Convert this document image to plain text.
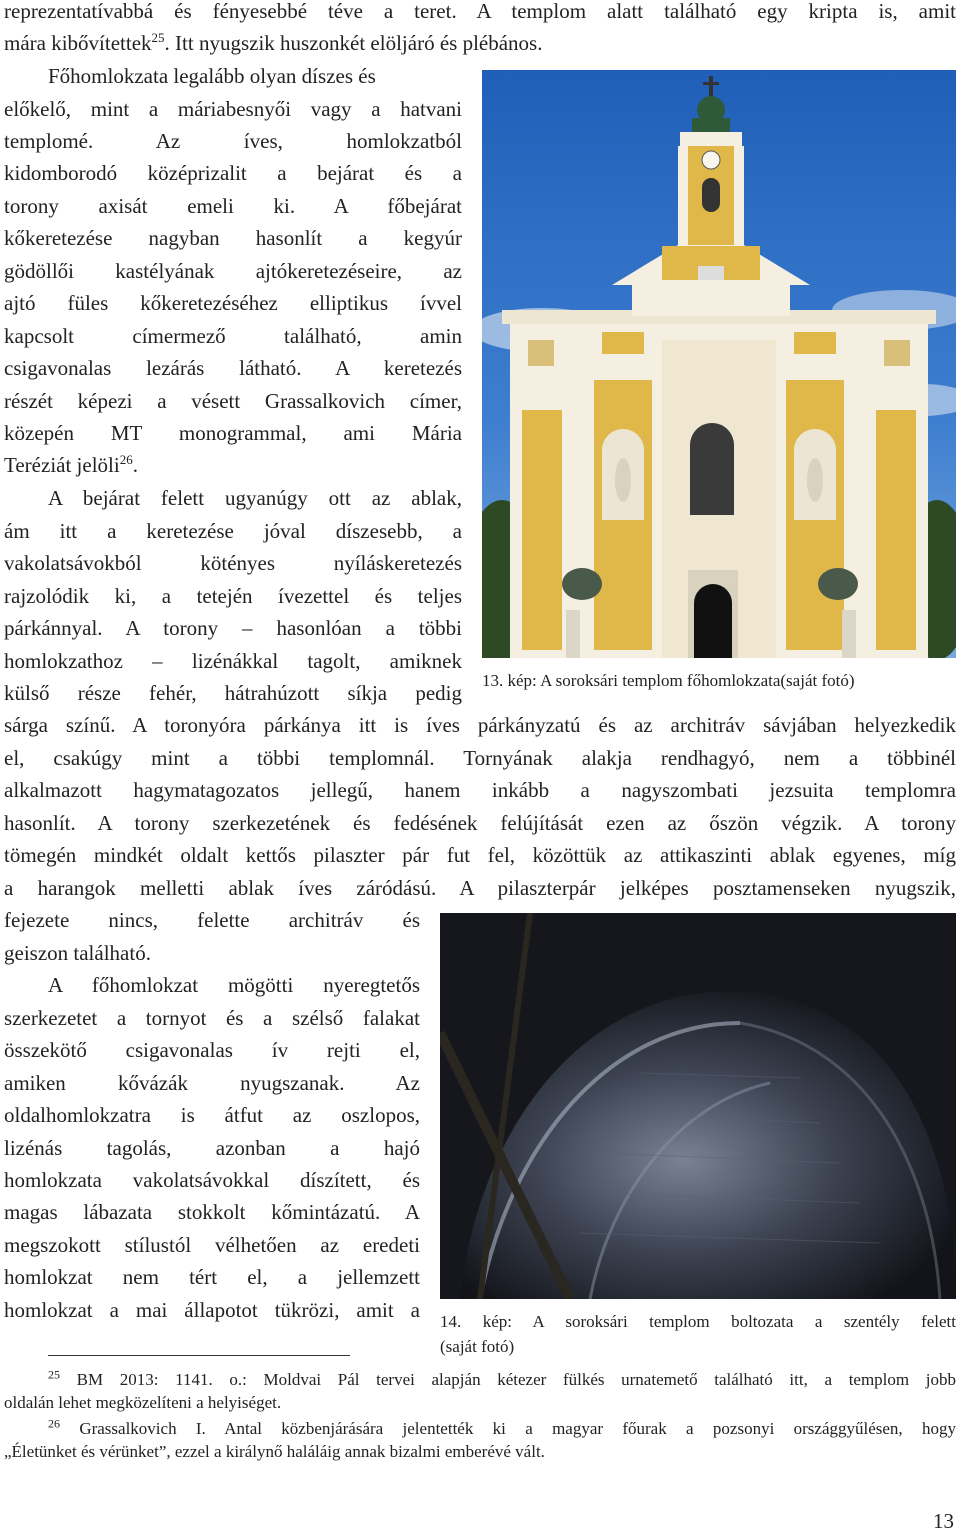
reprezentatívabbá és fényesebbé téve a teret. A templom alatt található egy kripta is, amit
mára kibővítettek$^{25}$. Itt nyugszik huszonkét elöljáró és plébános.
Főhomlokzata legalább olyan díszes és
előkelő, mint a máriabesnyői vagy a hatvani
templomé. Az íves, homlokzatból
kidomborodó középrizalit a bejárat és a
torony axisát emeli ki. A főbejárat
kőkeretezése nagyban hasonlít a kegyúr
gödöllői kastélyának ajtókeretezéseire, az
ajtó füles kőkeretezéséhez elliptikus ívvel
kapcsolt címermező található, amin
csigavonalas lezárás látható. A keretezés
részét képezi a vésett Grassalkovich címer,
közepén MT monogrammal, ami Mária
Teréziát jelöli$^{26}$.
A bejárat felett ugyanúgy ott az ablak,
ám itt a keretezése jóval díszesebb, a
vakolatsávokból kötényes nyíláskeretezés
rajzolódik ki, a tetején ívezettel és teljes
párkánnyal. A torony – hasonlóan a többi
homlokzathoz – lizénákkal tagolt, amiknek
külső része fehér, hátrahúzott síkja pedig
sárga színű. A toronyóra párkánya itt is íves párkányzatú és az architráv sávjában helyezkedik
el, csakúgy mint a többi templomnál. Tornyának alakja rendhagyó, nem a többinél
alkalmazott hagymatagozatos jellegű, hanem inkább a nagyszombati jezsuita templomra
hasonlít. A torony szerkezetének és fedésének felújítását ezen az őszön végzik. A torony
tömegén mindkét oldalt kettős pilaszter pár fut fel, közöttük az attikaszinti ablak egyenes, míg
a harangok melletti ablak íves záródású. A pilaszterpár jelképes posztamenseken nyugszik,
fejezete nincs, felette architráv és
geiszon található.
A főhomlokzat mögötti nyeregtetős
szerkezetet a tornyot és a szélső falakat
összekötő csigavonalas ív rejti el,
amiken kővázák nyugszanak. Az
oldalhomlokzatra is átfut az oszlopos,
lizénás tagolás, azonban a hajó
homlokzata vakolatsávokkal díszített, és
magas lábazata stokkolt kőmintázatú. A
megszokott stílustól vélhetően az eredeti
homlokzat nem tért el, a jellemzett
homlokzat a mai állapotot tükrözi, amit a
13. kép: A soroksári templom főhomlokzata(saját fotó)
14. kép: A soroksári templom boltozata a szentély felett
(saját fotó)
$^{25}$ BM 2013: 1141. o.: Moldvai Pál tervei alapján kétezer fülkés urnatemető található itt, a templom jobb
oldalán lehet megközelíteni a helyiséget.
$^{26}$ Grassalkovich I. Antal közbenjárására jelentették ki a magyar főurak a pozsonyi országgyűlésen, hogy
„Életünket és vérünket”, ezzel a királynő haláláig annak bizalmi emberévé vált.
13
